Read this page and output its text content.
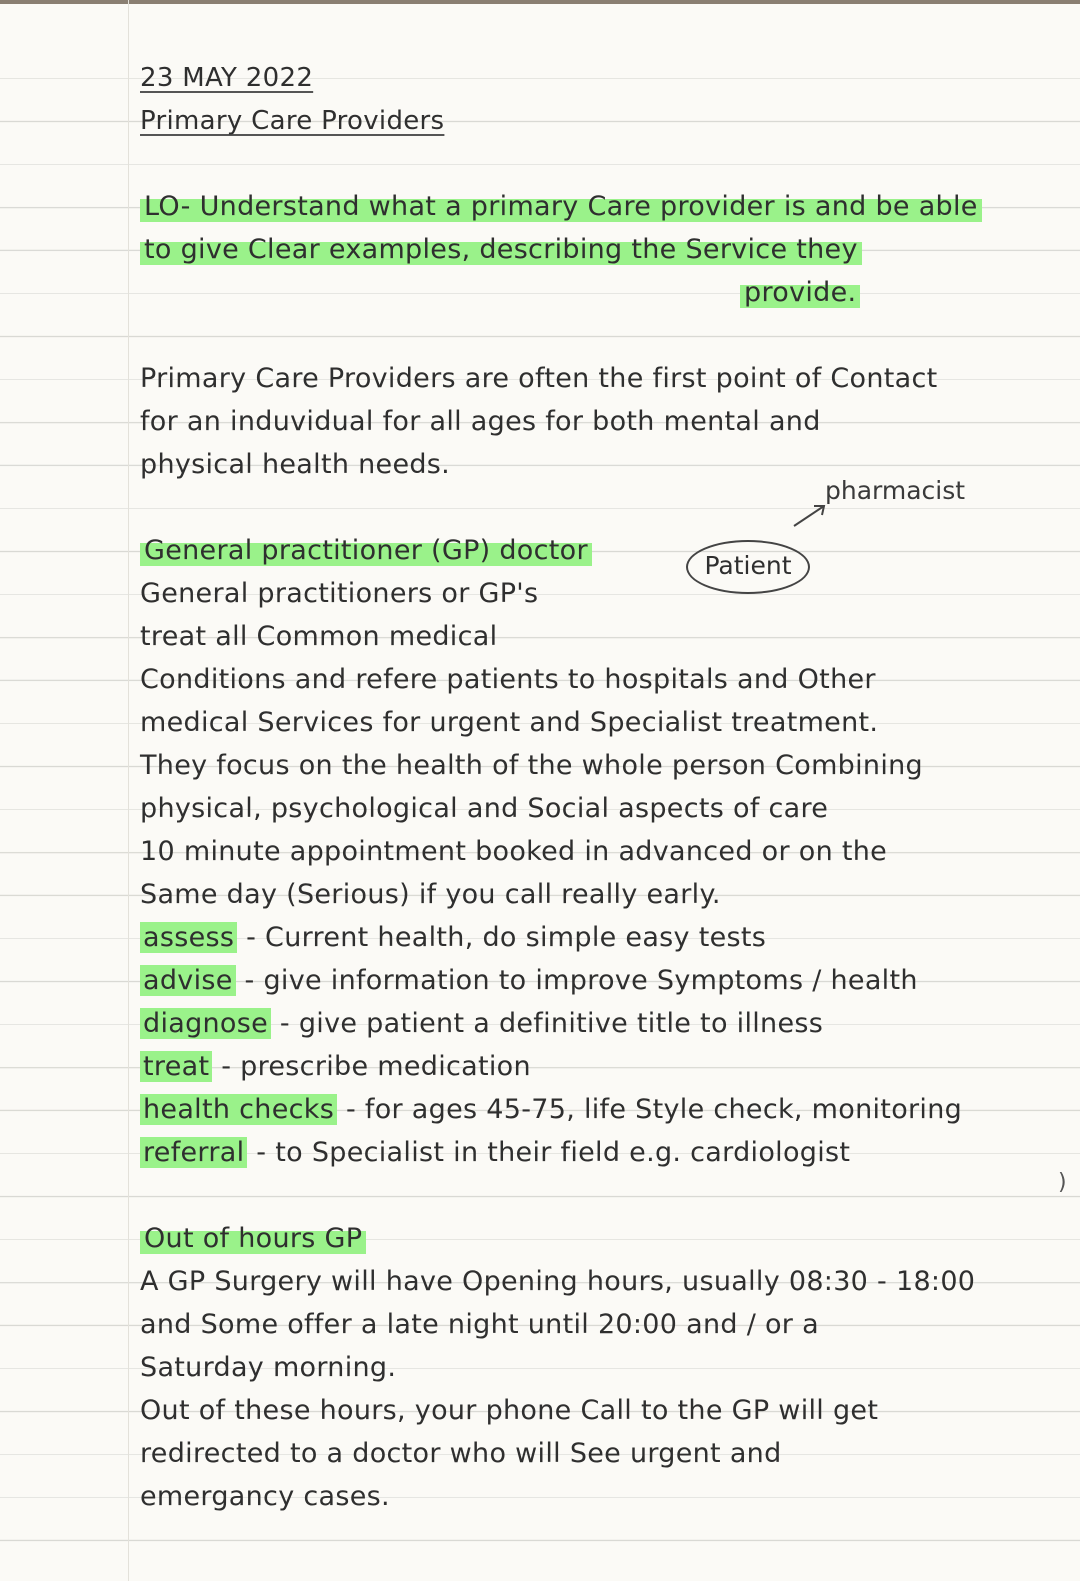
23 MAY 2022
Primary Care Providers
LO- Understand what a primary Care provider is and be able
to give Clear examples, describing the Service they
provide.
Primary Care Providers are often the first point of Contact
for an induvidual for all ages for both mental and
physical health needs.
General practitioner (GP) doctor
General practitioners or GP's
treat all Common medical
Conditions and refere patients to hospitals and Other
medical Services for urgent and Specialist treatment.
They focus on the health of the whole person Combining
physical, psychological and Social aspects of care
10 minute appointment booked in advanced or on the
Same day (Serious) if you call really early.
assess - Current health, do simple easy tests
advise - give information to improve Symptoms / health
diagnose - give patient a definitive title to illness
treat - prescribe medication
health checks - for ages 45-75, life Style check, monitoring
referral - to Specialist in their field e.g. cardiologist
Out of hours GP
A GP Surgery will have Opening hours, usually 08:30 - 18:00
and Some offer a late night until 20:00 and / or a
Saturday morning.
Out of these hours, your phone Call to the GP will get
redirected to a doctor who will See urgent and
emergancy cases.
pharmacist
Patient
)
